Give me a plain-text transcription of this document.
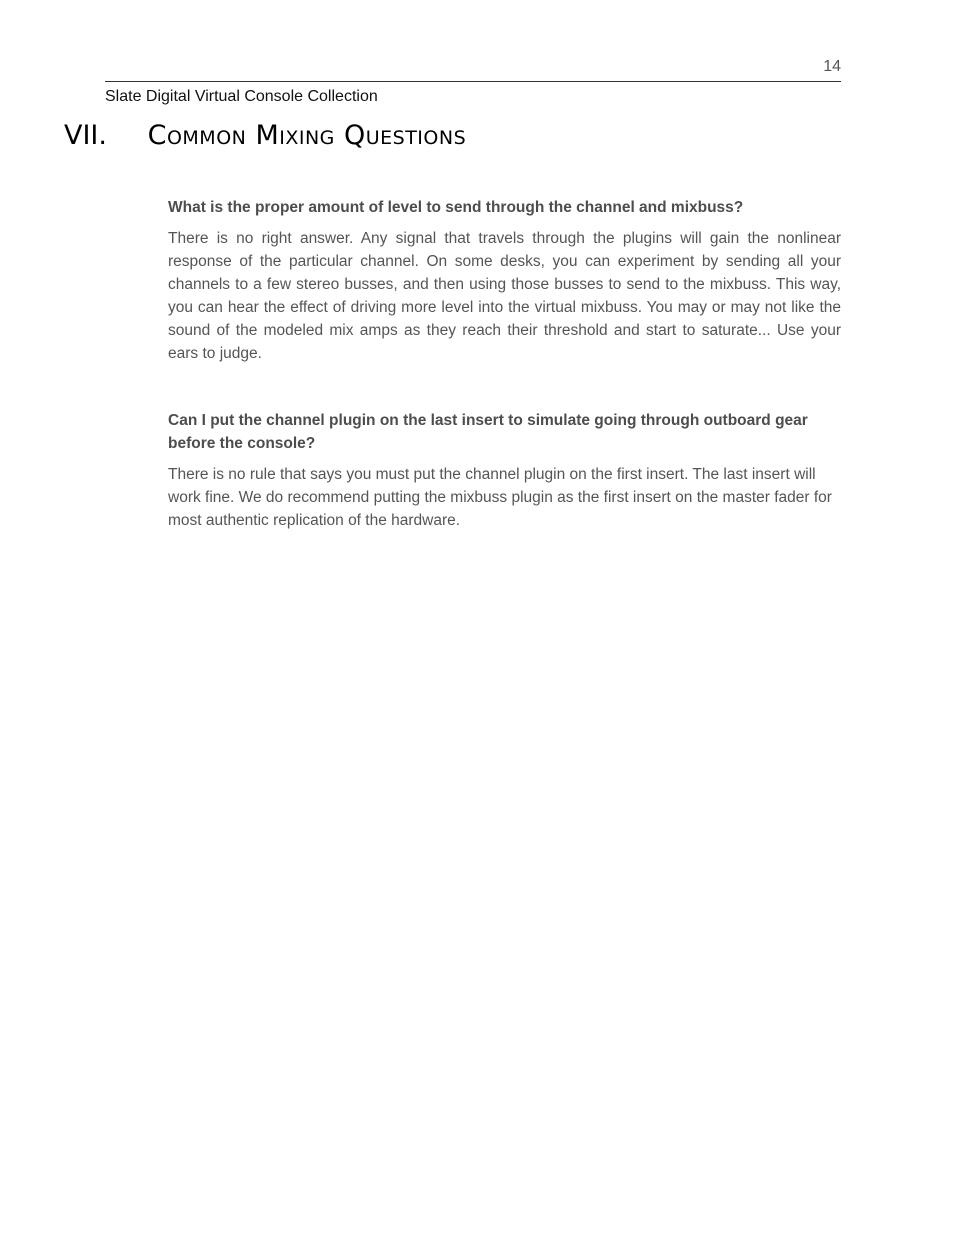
14
Slate Digital Virtual Console Collection
VII. Common Mixing Questions

What is the proper amount of level to send through the channel and mixbuss?

There is no right answer. Any signal that travels through the plugins will gain the nonlinear response of the particular channel. On some desks, you can experiment by sending all your channels to a few stereo busses, and then using those busses to send to the mixbuss. This way, you can hear the effect of driving more level into the virtual mixbuss. You may or may not like the sound of the modeled mix amps as they reach their threshold and start to saturate... Use your ears to judge.

Can I put the channel plugin on the last insert to simulate going through outboard gear before the console?

There is no rule that says you must put the channel plugin on the first insert. The last insert will work fine. We do recommend putting the mixbuss plugin as the first insert on the master fader for most authentic replication of the hardware.
